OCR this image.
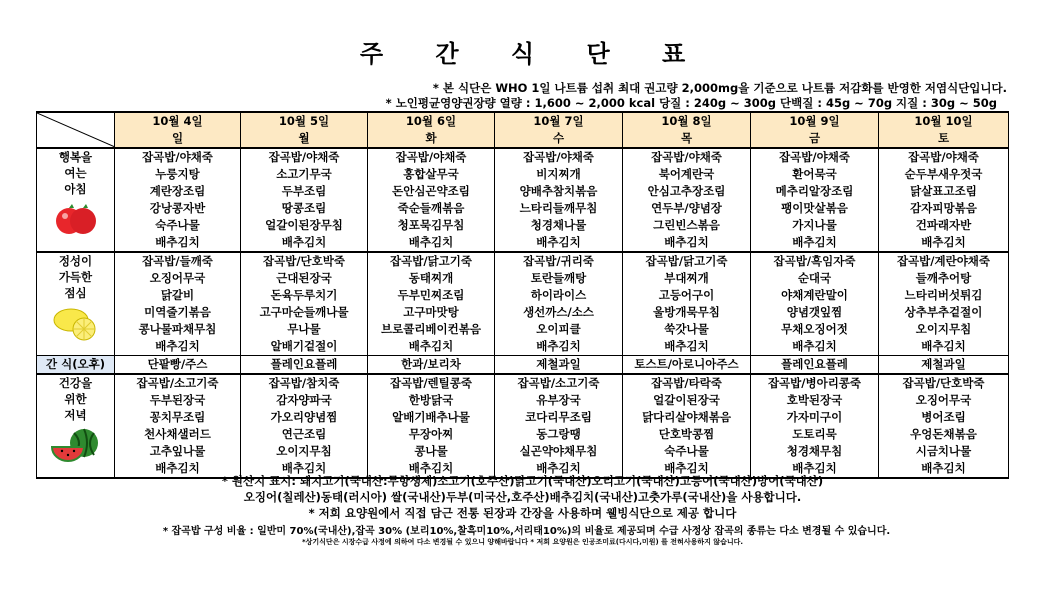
주 간 식 단 표
* 본 식단은 WHO 1일 나트륨 섭취 최대 권고량 2,000mg을 기준으로 나트륨 저감화를 반영한 저염식단입니다.
* 노인평균영양권장량 열량 : 1,600 ~ 2,000 kcal 당질 : 240g ~ 300g 단백질 : 45g ~ 70g 지질 : 30g ~ 50g
	10월 4일	10월 5일	10월 6일	10월 7일	10월 8일	10월 9일	10월 10일
	일	월	화	수	목	금	토

행복을
여는
아침	잡곡밥/야채죽	잡곡밥/야채죽	잡곡밥/야채죽	잡곡밥/야채죽	잡곡밥/야채죽	잡곡밥/야채죽	잡곡밥/야채죽
	누룽지탕	소고기무국	홍합살무국	비지찌개	북어계란국	환어묵국	순두부새우젓국
	계란장조림	두부조림	돈안심곤약조림	양배추참치볶음	안심고추장조림	메추리알장조림	닭살표고조림
	강낭콩자반	땅콩조림	죽순들깨볶음	느타리들깨무침	연두부/양념장	팽이맛살볶음	감자피망볶음
	숙주나물	얼갈이된장무침	청포묵김무침	청경채나물	그린빈스볶음	가지나물	건파래자반
	배추김치	배추김치	배추김치	배추김치	배추김치	배추김치	배추김치

정성이
가득한
점심	잡곡밥/들깨죽	잡곡밥/단호박죽	잡곡밥/닭고기죽	잡곡밥/귀리죽	잡곡밥/닭고기죽	잡곡밥/흑임자죽	잡곡밥/계란야채죽
	오징어무국	근대된장국	동태찌개	토란들깨탕	부대찌개	순대국	들깨추어탕
	닭갈비	돈육두루치기	두부민찌조림	하이라이스	고등어구이	야채계란말이	느타리버섯튀김
	미역줄기볶음	고구마순들깨나물	고구마맛탕	생선까스/소스	울방개묵무침	양념갯잎찜	상추부추겉절이
	콩나물파채무침	무나물	브로콜리베이컨볶음	오이피클	쑥갓나물	무채오징어젓	오이지무침
	배추김치	알배기겉절이	배추김치	배추김치	배추김치	배추김치	배추김치
간 식(오후)	단팥빵/주스	플레인요플레	한과/보리차	제철과일	토스트/아로니아주스	플레인요플레	제철과일

건강을
위한
저녁	잡곡밥/소고기죽	잡곡밥/참치죽	잡곡밥/렌틸콩죽	잡곡밥/소고기죽	잡곡밥/타락죽	잡곡밥/병아리콩죽	잡곡밥/단호박죽
	두부된장국	감자양파국	한방닭국	유부장국	얼갈이된장국	호박된장국	오징어무국
	꽁치무조림	가오리양념찜	알배기배추나물	코다리무조림	닭다리살야채볶음	가자미구이	병어조림
	천사채샐러드	연근조림	무장아찌	동그랑땡	단호박콩찜	도토리묵	우엉돈채볶음
	고추잎나물	오이지무침	콩나물	실곤약야채무침	숙주나물	청경채무침	시금치나물
	배추김치	배추김치	배추김치	배추김치	배추김치	배추김치	배추김치
* 원산지 표시: 돼지고기(국내산:무항생제)소고기(호주산)닭고기(국내산)오리고기(국내산)고등어(국내산)방어(국내산)
오징어(칠레산)동태(러시아) 쌀(국내산)두부(미국산,호주산)배추김치(국내산)고춧가루(국내산)을 사용합니다.
* 저희 요양원에서 직접 담근 전통 된장과 간장을 사용하며 웰빙식단으로 제공 합니다
* 잡곡밥 구성 비율 : 일반미 70%(국내산),잡곡 30% (보리10%,찰흑미10%,서리태10%)의 비율로 제공되며 수급 사정상 잡곡의 종류는 다소 변경될 수 있습니다.
*상기식단은 시장수급 사정에 의하여 다소 변경될 수 있으니 양해바랍니다 * 저희 요양원은 인공조미료(다시다,미원) 를 전혀사용하지 않습니다.
